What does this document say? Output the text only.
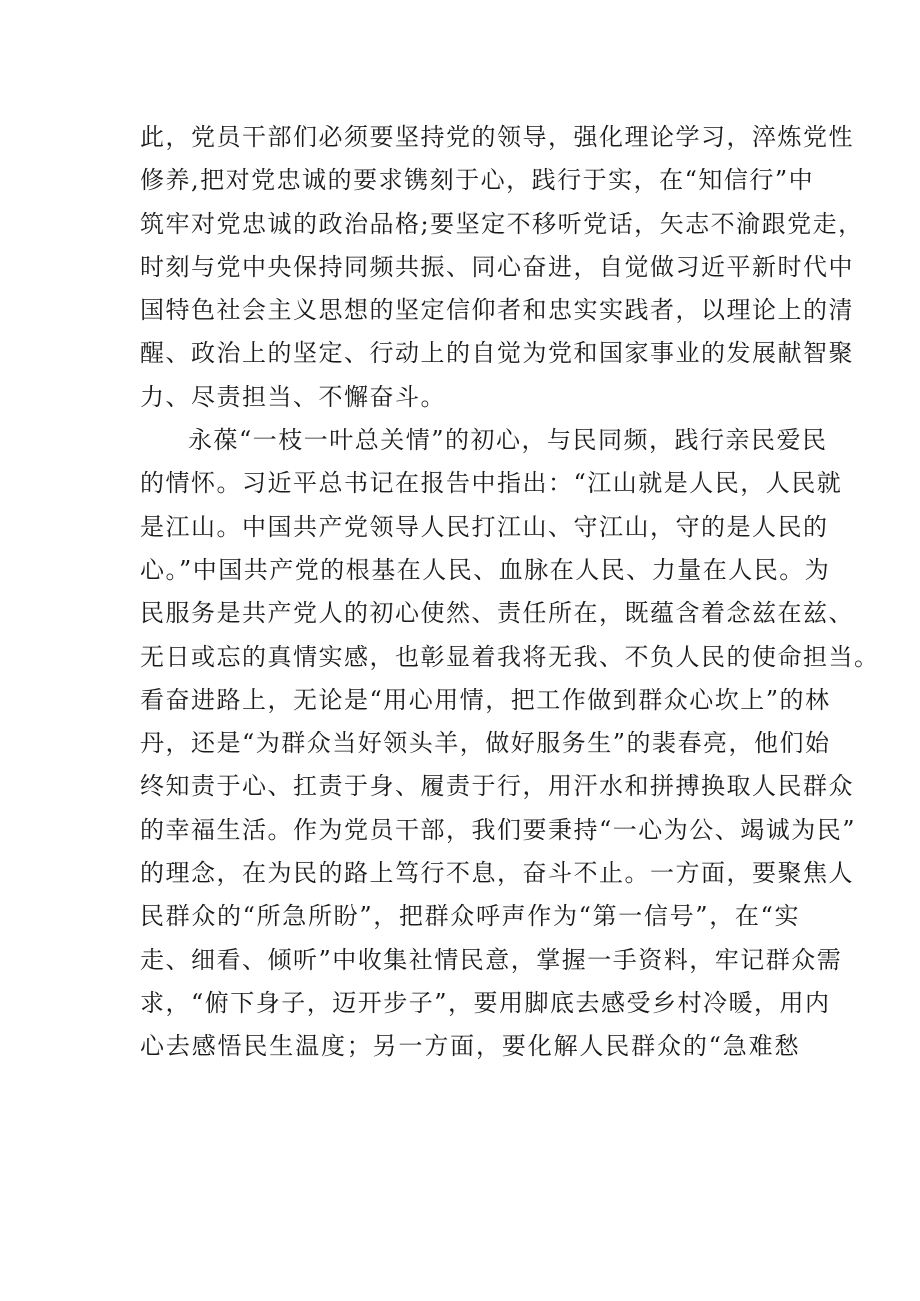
此，党员干部们必须要坚持党的领导，强化理论学习，淬炼党性
修养,把对党忠诚的要求镌刻于心，践行于实，在“知信行”中
筑牢对党忠诚的政治品格;要坚定不移听党话，矢志不渝跟党走，
时刻与党中央保持同频共振、同心奋进，自觉做习近平新时代中
国特色社会主义思想的坚定信仰者和忠实实践者，以理论上的清
醒、政治上的坚定、行动上的自觉为党和国家事业的发展献智聚
力、尽责担当、不懈奋斗。
永葆“一枝一叶总关情”的初心，与民同频，践行亲民爱民
的情怀。习近平总书记在报告中指出：“江山就是人民，人民就
是江山。中国共产党领导人民打江山、守江山，守的是人民的
心。”中国共产党的根基在人民、血脉在人民、力量在人民。为
民服务是共产党人的初心使然、责任所在，既蕴含着念兹在兹、
无日或忘的真情实感，也彰显着我将无我、不负人民的使命担当。
看奋进路上，无论是“用心用情，把工作做到群众心坎上”的林
丹，还是“为群众当好领头羊，做好服务生”的裴春亮，他们始
终知责于心、扛责于身、履责于行，用汗水和拼搏换取人民群众
的幸福生活。作为党员干部，我们要秉持“一心为公、竭诚为民”
的理念，在为民的路上笃行不息，奋斗不止。一方面，要聚焦人
民群众的“所急所盼”，把群众呼声作为“第一信号”，在“实
走、细看、倾听”中收集社情民意，掌握一手资料，牢记群众需
求，“俯下身子，迈开步子”，要用脚底去感受乡村冷暖，用内
心去感悟民生温度；另一方面，要化解人民群众的“急难愁
